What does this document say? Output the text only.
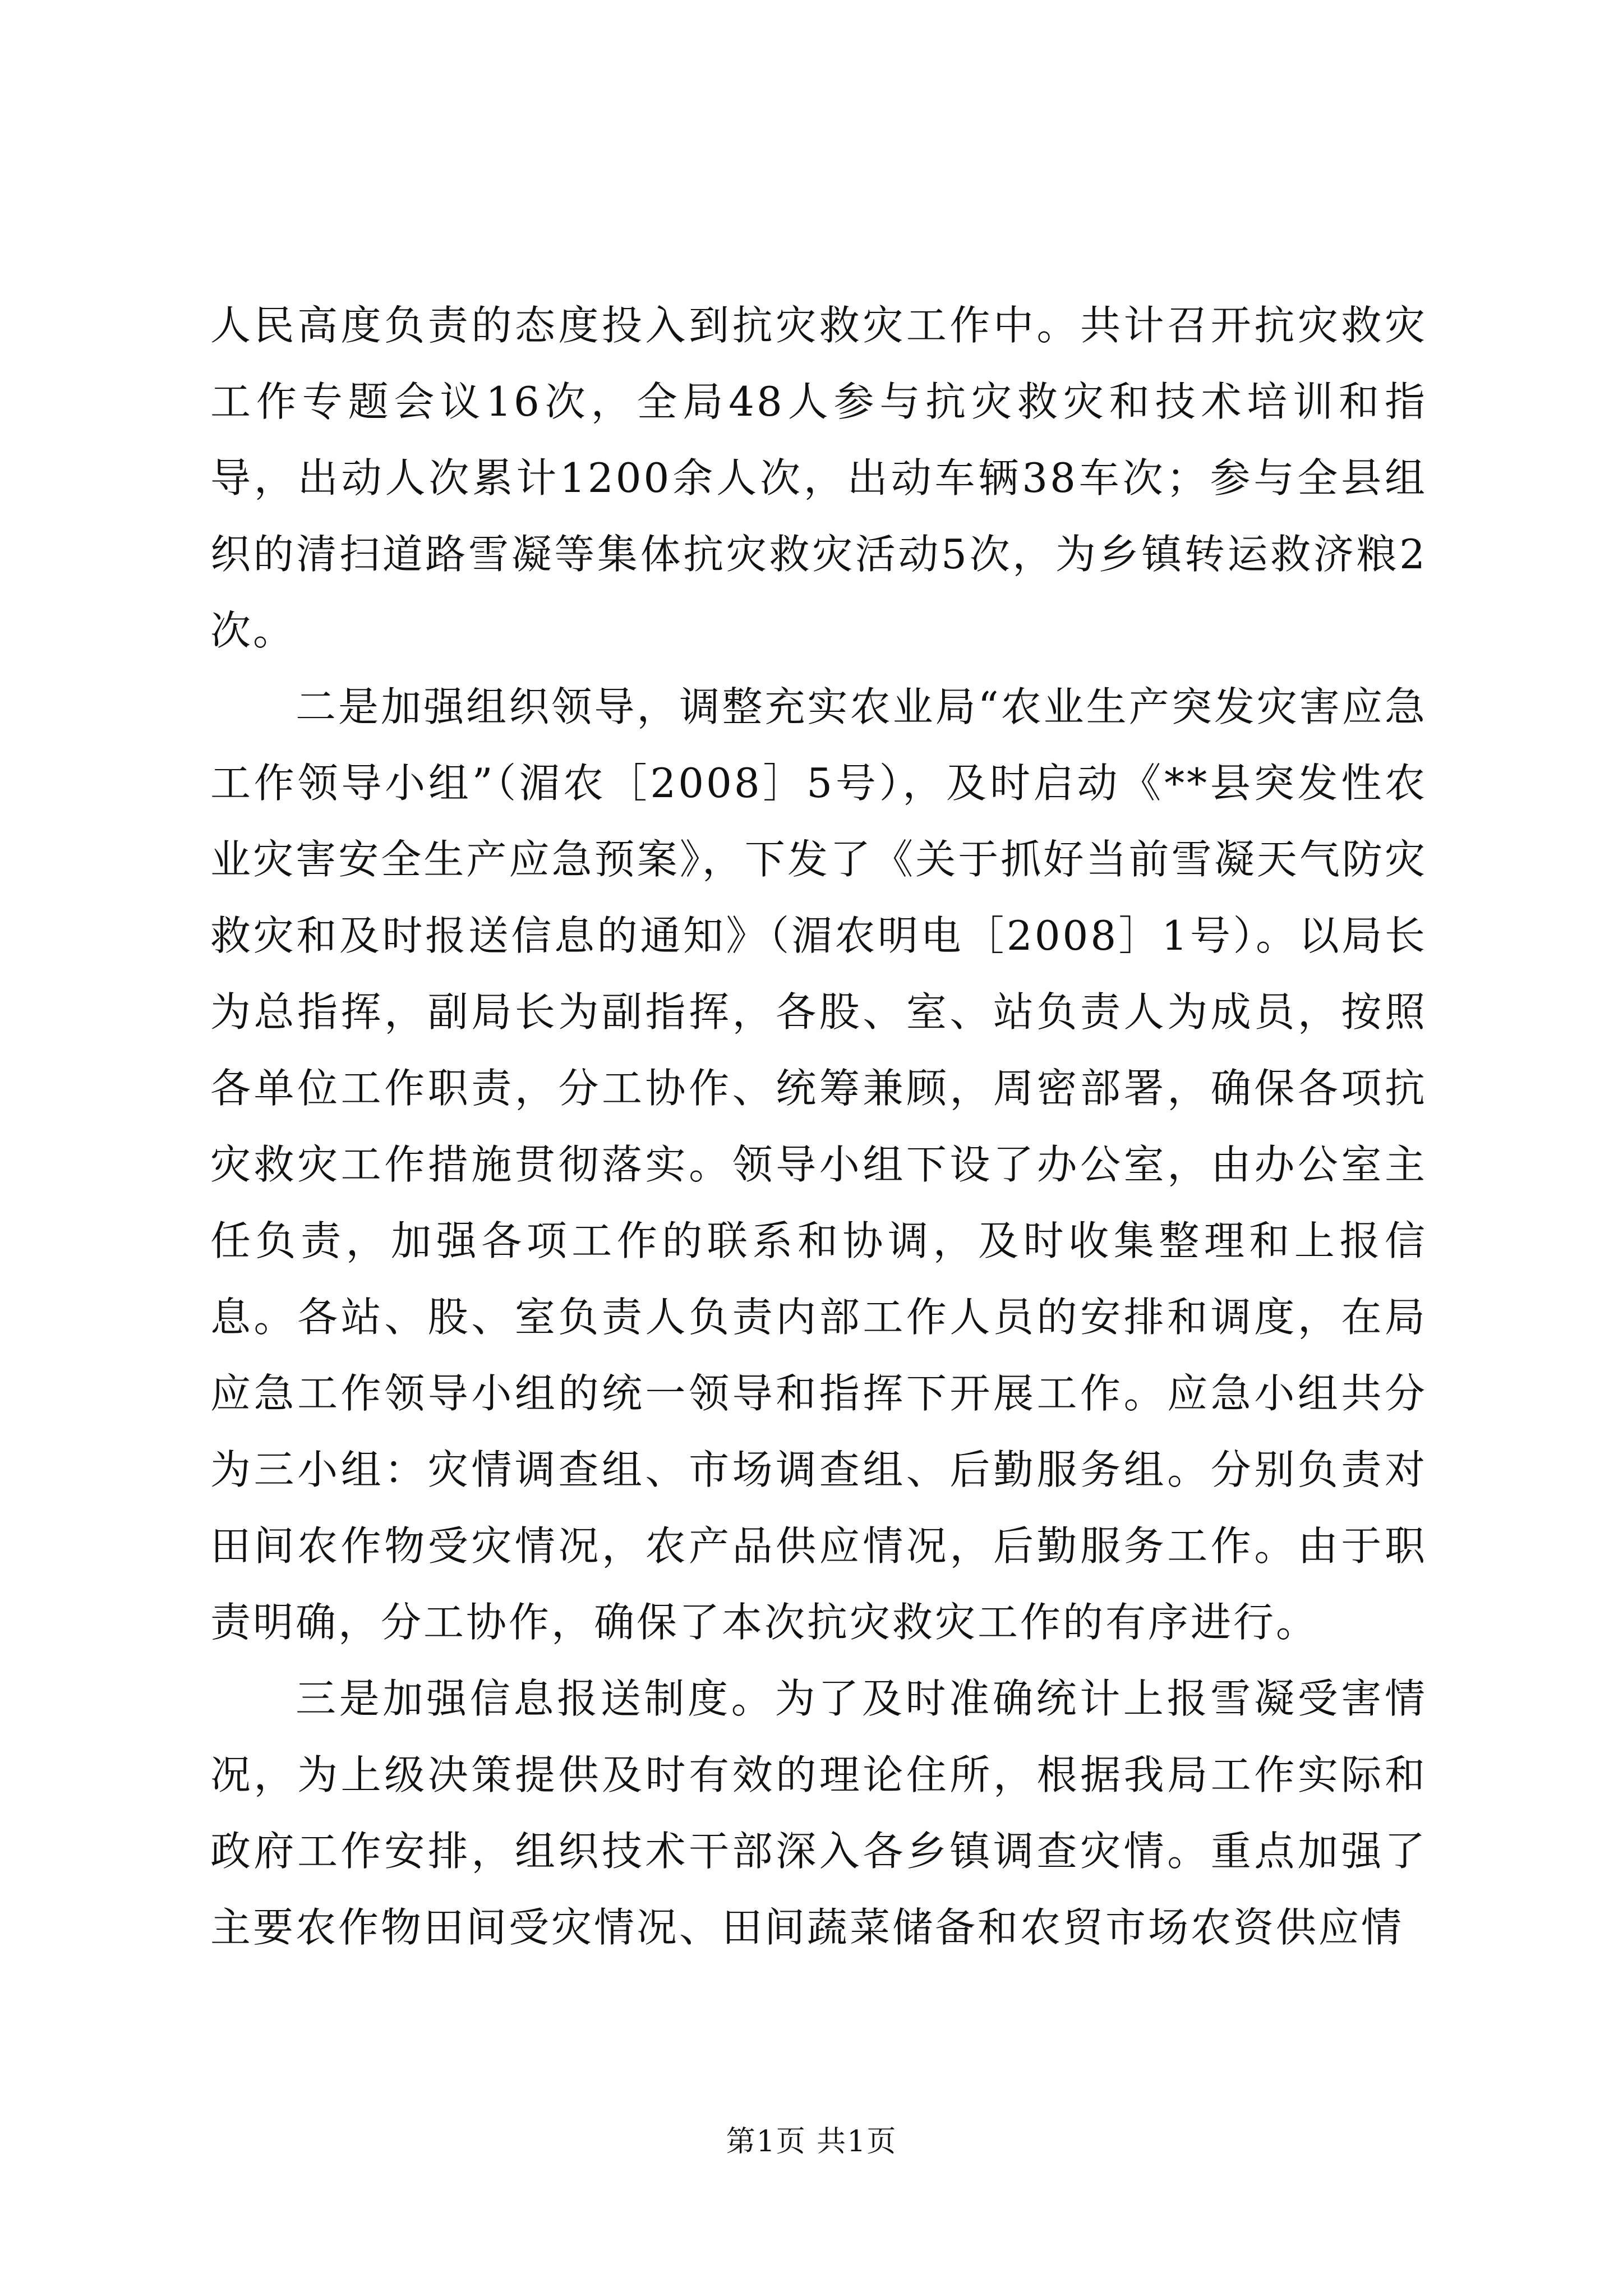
人民高度负责的态度投入到抗灾救灾工作中。共计召开抗灾救灾工作专题会议16次，全局48人参与抗灾救灾和技术培训和指导，出动人次累计1200余人次，出动车辆38车次；参与全县组织的清扫道路雪凝等集体抗灾救灾活动5次，为乡镇转运救济粮2次。

二是加强组织领导，调整充实农业局“农业生产突发灾害应急工作领导小组”（湄农［2008］5号），及时启动《**县突发性农业灾害安全生产应急预案》，下发了《关于抓好当前雪凝天气防灾救灾和及时报送信息的通知》（湄农明电［2008］1号）。以局长为总指挥，副局长为副指挥，各股、室、站负责人为成员，按照各单位工作职责，分工协作、统筹兼顾，周密部署，确保各项抗灾救灾工作措施贯彻落实。领导小组下设了办公室，由办公室主任负责，加强各项工作的联系和协调，及时收集整理和上报信息。各站、股、室负责人负责内部工作人员的安排和调度，在局应急工作领导小组的统一领导和指挥下开展工作。应急小组共分为三小组：灾情调查组、市场调查组、后勤服务组。分别负责对田间农作物受灾情况，农产品供应情况，后勤服务工作。由于职责明确，分工协作，确保了本次抗灾救灾工作的有序进行。

三是加强信息报送制度。为了及时准确统计上报雪凝受害情况，为上级决策提供及时有效的理论住所，根据我局工作实际和政府工作安排，组织技术干部深入各乡镇调查灾情。重点加强了主要农作物田间受灾情况、田间蔬菜储备和农贸市场农资供应情

第1页 共1页
